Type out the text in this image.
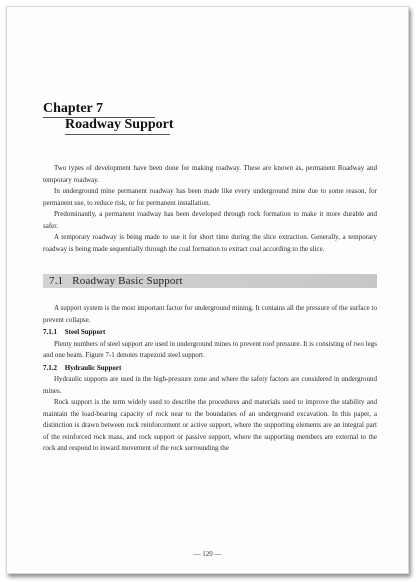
Chapter 7
Roadway Support

Two types of development have been done for making roadway. These are known as, permanent Roadway and temporary roadway.

In underground mine permanent roadway has been made like every underground mine due to some reason, for permanent use, to reduce risk, or for permanent installation.

Predominantly, a permanent roadway has been developed through rock formation to make it more durable and safer.

A temporary roadway is being made to use it for short time during the slice extraction. Generally, a temporary roadway is being made sequentially through the coal formation to extract coal according to the slice.

7.1 Roadway Basic Support

A support system is the most important factor for underground mining. It contains all the pressure of the surface to prevent collapse.

7.1.1 Steel Support

Plenty numbers of steel support are used in underground mines to prevent roof pressure. It is consisting of two legs and one beam. Figure 7-1 denotes trapezoid steel support.

7.1.2 Hydraulic Support

Hydraulic supports are used in the high-pressure zone and where the safety factors are considered in underground mines.

Rock support is the term widely used to describe the procedures and materials used to improve the stability and maintain the load-bearing capacity of rock near to the boundaries of an underground excavation. In this paper, a distinction is drawn between rock reinforcement or active support, where the supporting elements are an integral part of the reinforced rock mass, and rock support or passive support, where the supporting members are external to the rock and respond to inward movement of the rock surrounding the

— 120 —
